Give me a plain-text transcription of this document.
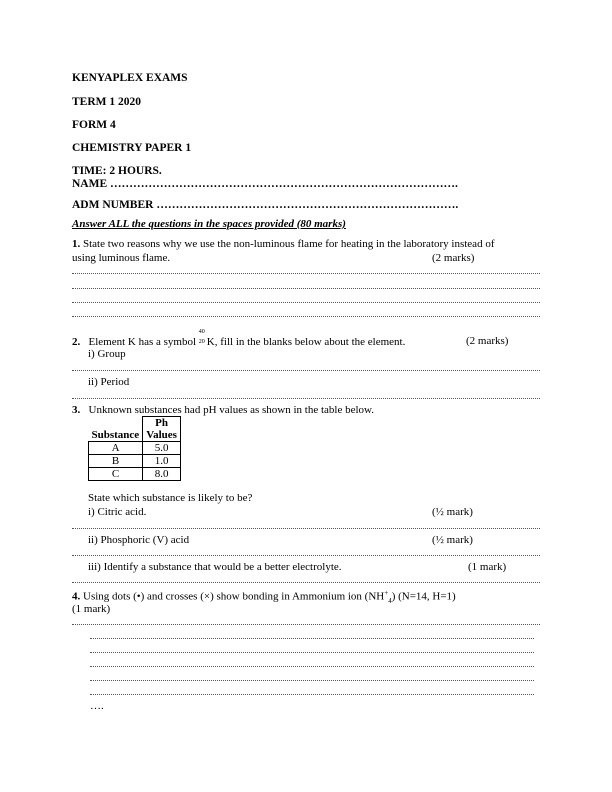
KENYAPLEX EXAMS
TERM 1 2020
FORM 4
CHEMISTRY PAPER 1
TIME: 2 HOURS.
NAME ……………………………………………………………………………….
ADM NUMBER …………………………………………………………………….
Answer ALL the questions in the spaces provided (80 marks)
1. State two reasons why we use the non-luminous flame for heating in the laboratory instead of
using luminous flame.	(2 marks)
2. Element K has a symbol
40
20 K, fill in the blanks below about the element.	(2 marks)
i) Group
ii) Period
3. Unknown substances had pH values as shown in the table below.
Substance	Ph
Values
A	5.0
B	1.0
C	8.0
State which substance is likely to be?
i) Citric acid.	(½ mark)
ii) Phosphoric (V) acid	(½ mark)
iii) Identify a substance that would be a better electrolyte.	(1 mark)
4. Using dots (•) and crosses (×) show bonding in Ammonium ion $(NH^+_4)$ (N=14, H=1)
(1 mark)
….
